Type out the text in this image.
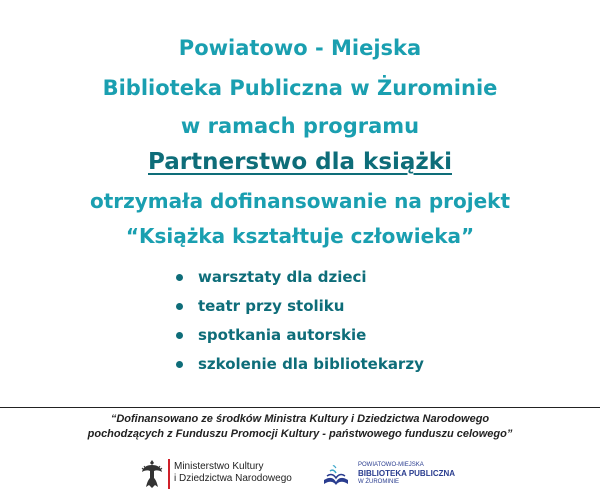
Powiatowo - Miejska
Biblioteka Publiczna w Żurominie
w ramach programu
Partnerstwo dla książki
otrzymała dofinansowanie na projekt
“Książka kształtuje człowieka”
warsztaty dla dzieci
teatr przy stoliku
spotkania autorskie
szkolenie dla bibliotekarzy
“Dofinansowano ze środków Ministra Kultury i Dziedzictwa Narodowego
pochodzących z Funduszu Promocji Kultury - państwowego funduszu celowego”
Ministerstwo Kultury
i Dziedzictwa Narodowego
POWIATOWO-MIEJSKA
BIBLIOTEKA PUBLICZNA
W ŻUROMINIE
